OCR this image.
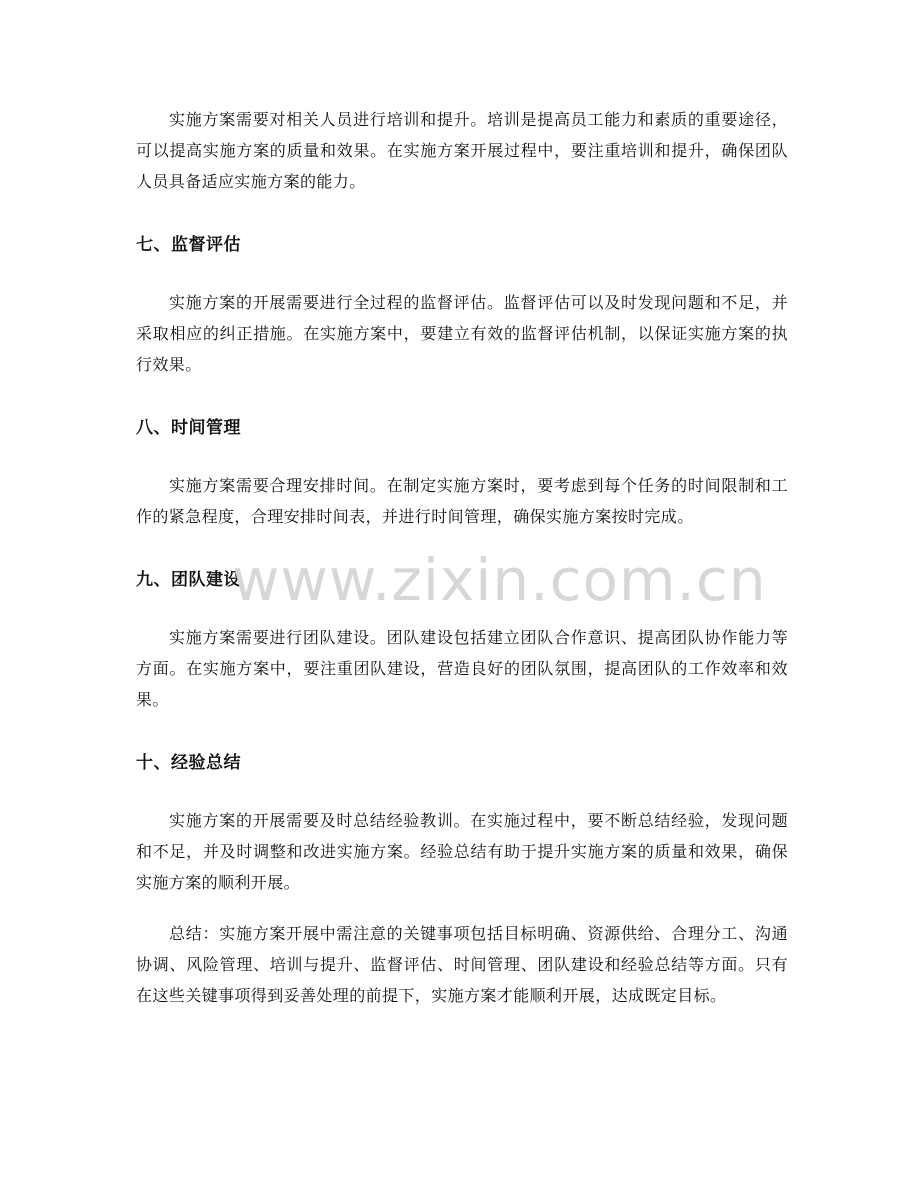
实施方案需要对相关人员进行培训和提升。培训是提高员工能力和素质的重要途径，可以提高实施方案的质量和效果。在实施方案开展过程中，要注重培训和提升，确保团队人员具备适应实施方案的能力。

七、监督评估

实施方案的开展需要进行全过程的监督评估。监督评估可以及时发现问题和不足，并采取相应的纠正措施。在实施方案中，要建立有效的监督评估机制，以保证实施方案的执行效果。

八、时间管理

实施方案需要合理安排时间。在制定实施方案时，要考虑到每个任务的时间限制和工作的紧急程度，合理安排时间表，并进行时间管理，确保实施方案按时完成。

九、团队建设

实施方案需要进行团队建设。团队建设包括建立团队合作意识、提高团队协作能力等方面。在实施方案中，要注重团队建设，营造良好的团队氛围，提高团队的工作效率和效果。

十、经验总结

实施方案的开展需要及时总结经验教训。在实施过程中，要不断总结经验，发现问题和不足，并及时调整和改进实施方案。经验总结有助于提升实施方案的质量和效果，确保实施方案的顺利开展。

总结：实施方案开展中需注意的关键事项包括目标明确、资源供给、合理分工、沟通协调、风险管理、培训与提升、监督评估、时间管理、团队建设和经验总结等方面。只有在这些关键事项得到妥善处理的前提下，实施方案才能顺利开展，达成既定目标。

www.zixin.com.cn
